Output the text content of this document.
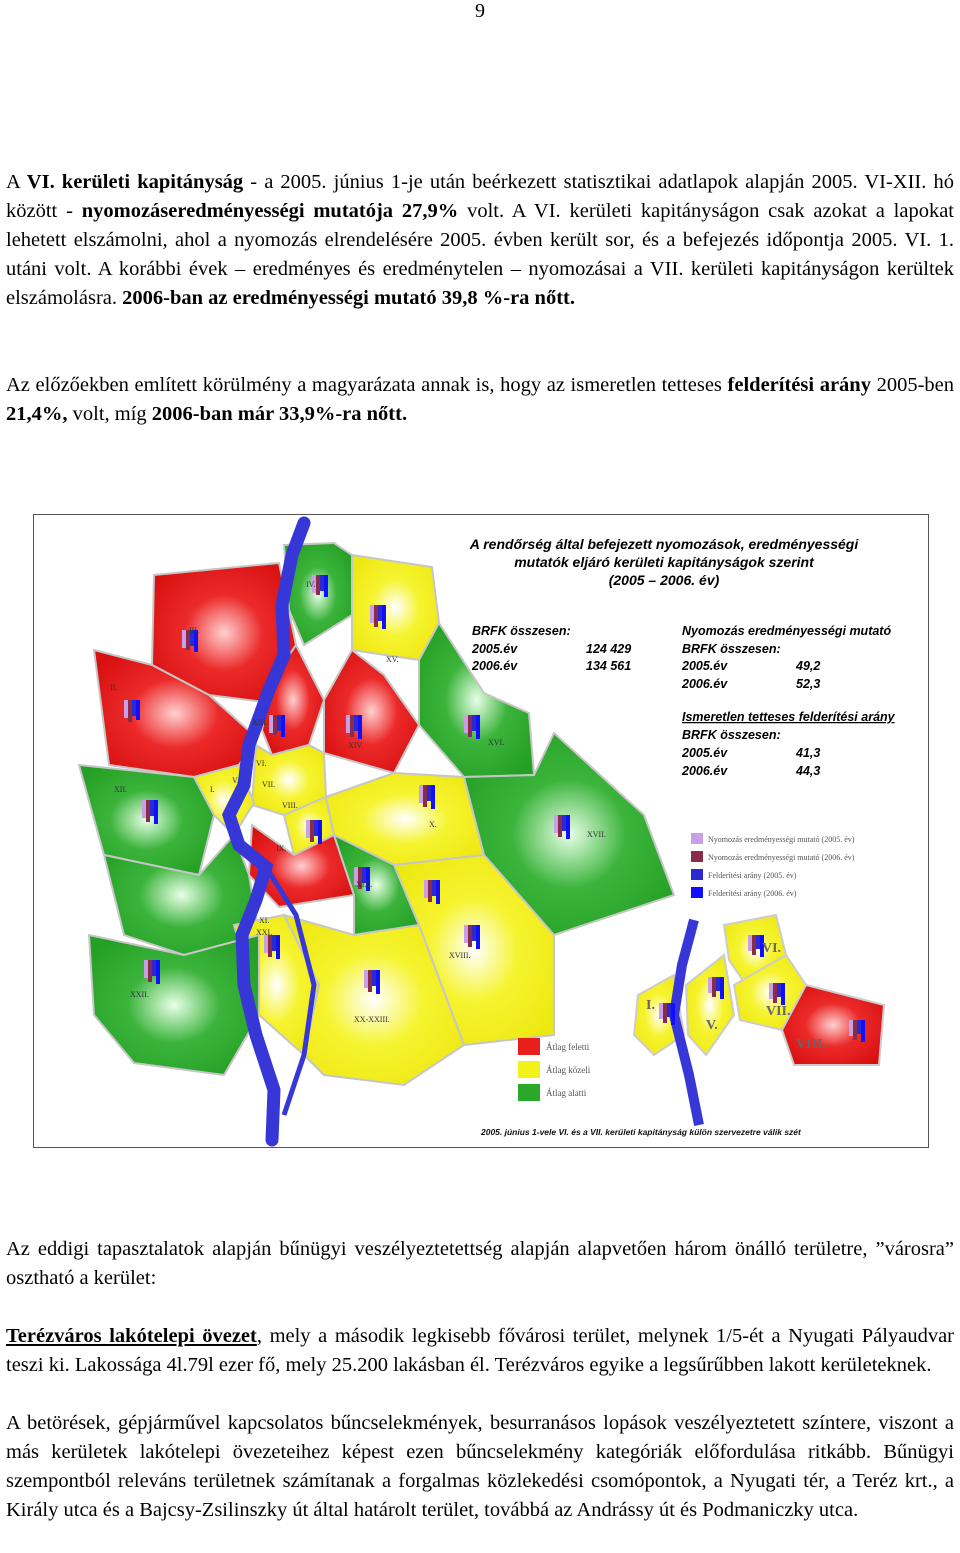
9

A VI. kerületi kapitányság - a 2005. június 1-je után beérkezett statisztikai adatlapok alapján 2005. VI-XII. hó között - nyomozáseredményességi mutatója 27,9% volt. A VI. kerületi kapitányságon csak azokat a lapokat lehetett elszámolni, ahol a nyomozás elrendelésére 2005. évben került sor, és a befejezés időpontja 2005. VI. 1. utáni volt. A korábbi évek – eredményes és eredménytelen – nyomozásai a VII. kerületi kapitányságon kerültek elszámolásra. 2006-ban az eredményességi mutató 39,8 %-ra nőtt.

Az előzőekben említett körülmény a magyarázata annak is, hogy az ismeretlen tetteses felderítési arány 2005-ben 21,4%, volt, míg 2006-ban már 33,9%-ra nőtt.

IV.
III.
XV.
II.
XIII.
XIV.	XVI.
VI.
I.
V.	VII.
XII.
VIII.
X.
XVII.
IX.
XI.
XIX.
XXI.
XVIII.
XXII.
XX-XXIII.
A rendőrség által befejezett nyomozások, eredményességi
mutatók eljáró kerületi kapitányságok szerint
(2005 – 2006. év)
BRFK összesen:
2005.év	124 429
2006.év	134 561
Nyomozás eredményességi mutató
BRFK összesen:
2005.év	49,2
2006.év	52,3
Ismeretlen tetteses felderítési arány
BRFK összesen:
2005.év	41,3
2006.év	44,3
Nyomozás eredményességi mutató (2005. év)
Nyomozás eredményességi mutató (2006. év)
Felderítési arány (2005. év)
Felderítési arány (2006. év)
VI.
I.
V.
VII.
VIII.
Átlag feletti
Átlag közeli
Átlag alatti
2005. június 1-vele VI. és a VII. kerületi kapitányság külön szervezetre válik szét

Az eddigi tapasztalatok alapján bűnügyi veszélyeztetettség alapján alapvetően három önálló területre, ”városra” osztható a kerület:

Terézváros lakótelepi övezet, mely a második legkisebb fővárosi terület, melynek 1/5-ét a Nyugati Pályaudvar teszi ki. Lakossága 4l.79l ezer fő, mely 25.200 lakásban él. Terézváros egyike a legsűrűbben lakott kerületeknek.

A betörések, gépjárművel kapcsolatos bűncselekmények, besurranásos lopások veszélyeztetett színtere, viszont a más kerületek lakótelepi övezeteihez képest ezen bűncselekmény kategóriák előfordulása ritkább. Bűnügyi szempontból releváns területnek számítanak a forgalmas közlekedési csomópontok, a Nyugati tér, a Teréz krt., a Király utca és a Bajcsy-Zsilinszky út által határolt terület, továbbá az Andrássy út és Podmaniczky utca.
